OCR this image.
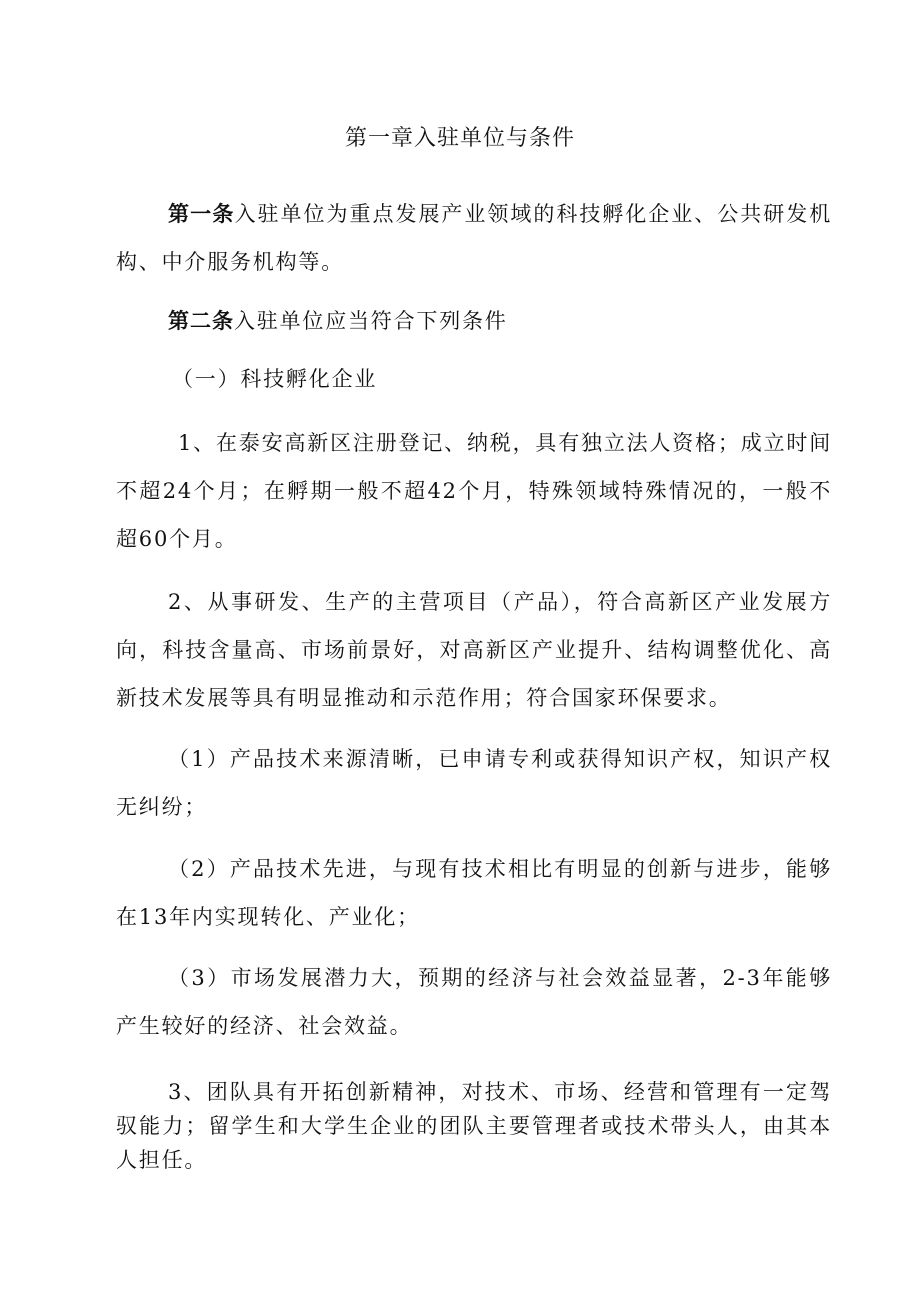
第一章入驻单位与条件

第一条入驻单位为重点发展产业领域的科技孵化企业、公共研发机构、中介服务机构等。

第二条入驻单位应当符合下列条件

（一）科技孵化企业

1、在泰安高新区注册登记、纳税，具有独立法人资格；成立时间不超24个月；在孵期一般不超42个月，特殊领域特殊情况的，一般不超60个月。

2、从事研发、生产的主营项目（产品），符合高新区产业发展方向，科技含量高、市场前景好，对高新区产业提升、结构调整优化、高新技术发展等具有明显推动和示范作用；符合国家环保要求。

（1）产品技术来源清晰，已申请专利或获得知识产权，知识产权无纠纷；

（2）产品技术先进，与现有技术相比有明显的创新与进步，能够在13年内实现转化、产业化；

（3）市场发展潜力大，预期的经济与社会效益显著，2-3年能够产生较好的经济、社会效益。

3、团队具有开拓创新精神，对技术、市场、经营和管理有一定驾驭能力；留学生和大学生企业的团队主要管理者或技术带头人，由其本人担任。
